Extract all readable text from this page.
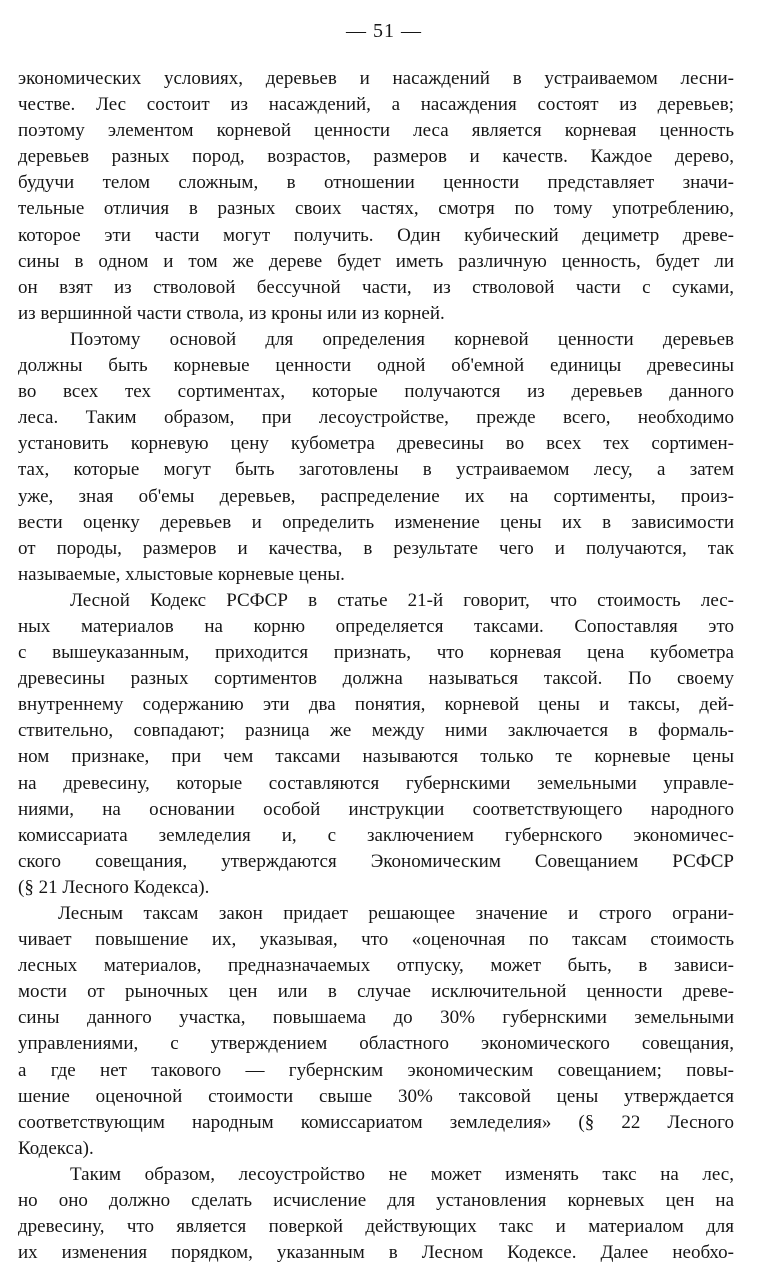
— 51 —
экономических условиях, деревьев и насаждений в устраиваемом лесни-
честве. Лес состоит из насаждений, а насаждения состоят из деревьев;
поэтому элементом корневой ценности леса является корневая ценность
деревьев разных пород, возрастов, размеров и качеств. Каждое дерево,
будучи телом сложным, в отношении ценности представляет значи-
тельные отличия в разных своих частях, смотря по тому употреблению,
которое эти части могут получить. Один кубический дециметр древе-
сины в одном и том же дереве будет иметь различную ценность, будет ли
он взят из стволовой бессучной части, из стволовой части с суками,
из вершинной части ствола, из кроны или из корней.
Поэтому основой для определения корневой ценности деревьев
должны быть корневые ценности одной об'емной единицы древесины
во всех тех сортиментах, которые получаются из деревьев данного
леса. Таким образом, при лесоустройстве, прежде всего, необходимо
установить корневую цену кубометра древесины во всех тех сортимен-
тах, которые могут быть заготовлены в устраиваемом лесу, а затем
уже, зная об'емы деревьев, распределение их на сортименты, произ-
вести оценку деревьев и определить изменение цены их в зависимости
от породы, размеров и качества, в результате чего и получаются, так
называемые, хлыстовые корневые цены.
Лесной Кодекс РСФСР в статье 21-й говорит, что стоимость лес-
ных материалов на корню определяется таксами. Сопоставляя это
с вышеуказанным, приходится признать, что корневая цена кубометра
древесины разных сортиментов должна называться таксой. По своему
внутреннему содержанию эти два понятия, корневой цены и таксы, дей-
ствительно, совпадают; разница же между ними заключается в формаль-
ном признаке, при чем таксами называются только те корневые цены
на древесину, которые составляются губернскими земельными управле-
ниями, на основании особой инструкции соответствующего народного
комиссариата земледелия и, с заключением губернского экономичес-
ского совещания, утверждаются Экономическим Совещанием РСФСР
(§ 21 Лесного Кодекса).
Лесным таксам закон придает решающее значение и строго ограни-
чивает повышение их, указывая, что «оценочная по таксам стоимость
лесных материалов, предназначаемых отпуску, может быть, в зависи-
мости от рыночных цен или в случае исключительной ценности древе-
сины данного участка, повышаема до 30% губернскими земельными
управлениями, с утверждением областного экономического совещания,
а где нет такового — губернским экономическим совещанием; повы-
шение оценочной стоимости свыше 30% таксовой цены утверждается
соответствующим народным комиссариатом земледелия» (§ 22 Лесного
Кодекса).
Таким образом, лесоустройство не может изменять такс на лес,
но оно должно сделать исчисление для установления корневых цен на
древесину, что является поверкой действующих такс и материалом для
их изменения порядком, указанным в Лесном Кодексе. Далее необхо-
